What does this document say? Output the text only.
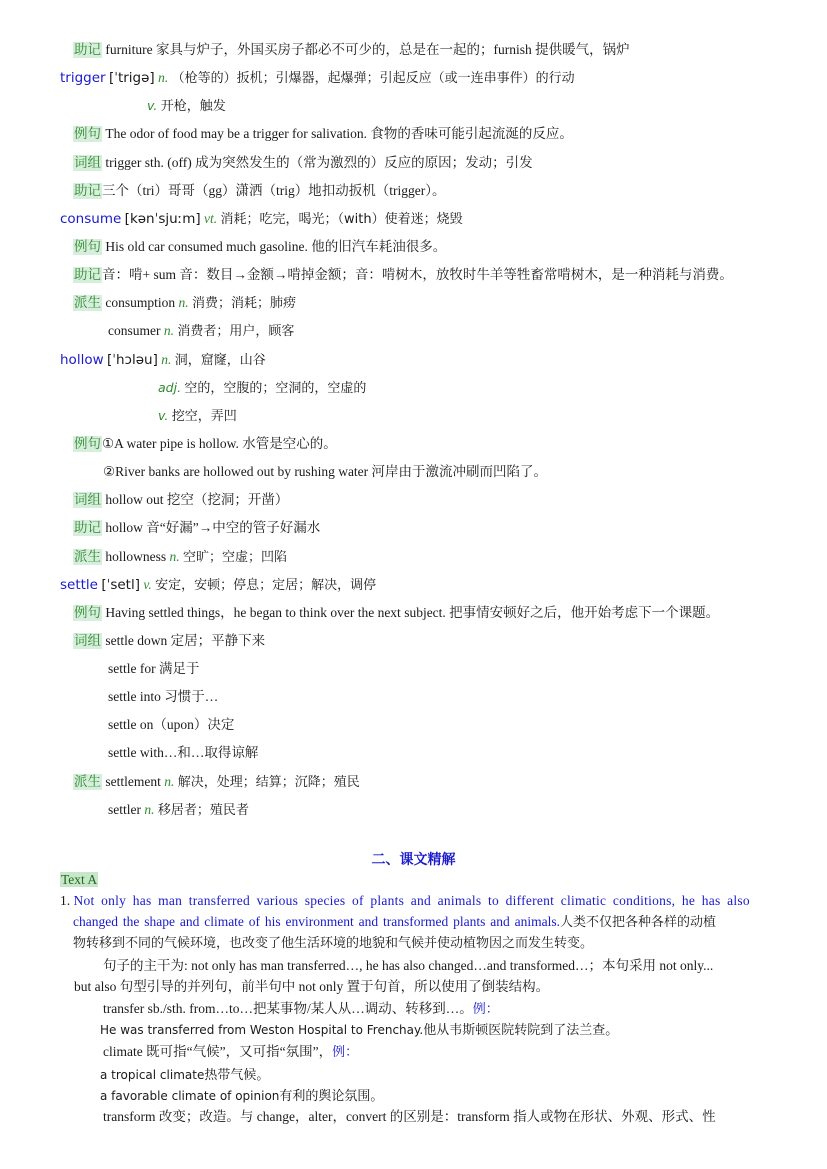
助记 furniture 家具与炉子，外国买房子都必不可少的，总是在一起的；furnish 提供暖气，锅炉
trigger [ˈtrigə] n. （枪等的）扳机；引爆器，起爆弹；引起反应（或一连串事件）的行动
v. 开枪，触发
例句 The odor of food may be a trigger for salivation. 食物的香味可能引起流涎的反应。
词组 trigger sth. (off) 成为突然发生的（常为激烈的）反应的原因；发动；引发
助记三个（tri）哥哥（gg）潇洒（trig）地扣动扳机（trigger）。
consume [kənˈsjuːm] vt. 消耗；吃完，喝光；（with）使着迷；烧毁
例句 His old car consumed much gasoline. 他的旧汽车耗油很多。
助记音：啃+ sum 音：数目→金额→啃掉金额；音：啃树木，放牧时牛羊等牲畜常啃树木，是一种消耗与消费。
派生 consumption n. 消费；消耗；肺痨
consumer n. 消费者；用户，顾客
hollow [ˈhɔləu] n. 洞，窟窿，山谷
adj. 空的，空腹的；空洞的，空虚的
v. 挖空，弄凹
例句①A water pipe is hollow. 水管是空心的。
②River banks are hollowed out by rushing water 河岸由于激流冲刷而凹陷了。
词组 hollow out 挖空（挖洞；开凿）
助记 hollow 音“好漏”→中空的管子好漏水
派生 hollowness n. 空旷；空虚；凹陷
settle [ˈsetl] v. 安定，安顿；停息；定居；解决，调停
例句 Having settled things，he began to think over the next subject. 把事情安顿好之后，他开始考虑下一个课题。
词组 settle down 定居；平静下来
settle for 满足于
settle into 习惯于…
settle on（upon）决定
settle with…和…取得谅解
派生 settlement n. 解决，处理；结算；沉降；殖民
settler n. 移居者；殖民者
二、课文精解
Text A
1. Not only has man transferred various species of plants and animals to different climatic conditions, he has also
changed the shape and climate of his environment and transformed plants and animals.人类不仅把各种各样的动植
物转移到不同的气候环境，也改变了他生活环境的地貌和气候并使动植物因之而发生转变。
句子的主干为: not only has man transferred…, he has also changed…and transformed…；本句采用 not only...
but also 句型引导的并列句，前半句中 not only 置于句首，所以使用了倒装结构。
transfer sb./sth. from…to…把某事物/某人从…调动、转移到…。例：
He was transferred from Weston Hospital to Frenchay.他从韦斯顿医院转院到了法兰查。
climate 既可指“气候”，又可指“氛围”，例：
a tropical climate热带气候。
a favorable climate of opinion有利的舆论氛围。
transform 改变；改造。与 change，alter，convert 的区别是：transform 指人或物在形状、外观、形式、性
